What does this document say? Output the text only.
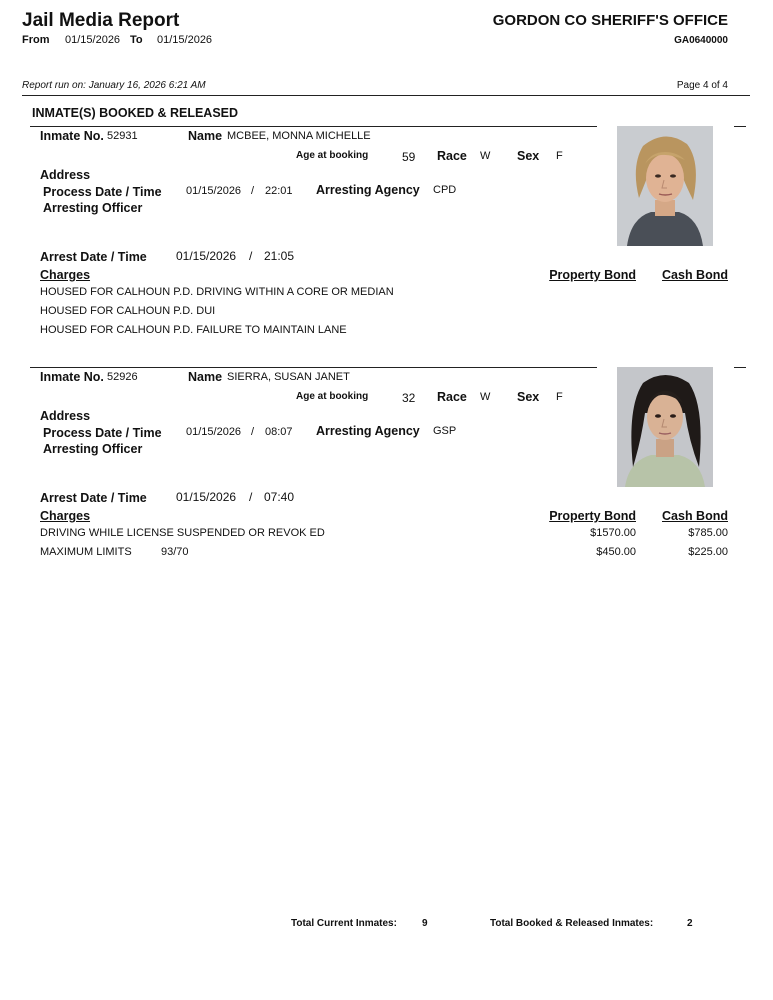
Jail Media Report
From 01/15/2026 To 01/15/2026
GORDON CO SHERIFF'S OFFICE
GA0640000
Report run on: January 16, 2026 6:21 AM	Page 4 of 4
INMATE(S) BOOKED & RELEASED
Inmate No. 52931	Name MCBEE, MONNA MICHELLE
Age at booking	59 Race W Sex F
Address
Process Date / Time 01/15/2026 / 22:01 Arresting Agency CPD
Arresting Officer
Arrest Date / Time 01/15/2026 / 21:05
Charges	Property Bond Cash Bond
HOUSED FOR CALHOUN P.D. DRIVING WITHIN A CORE OR MEDIAN
HOUSED FOR CALHOUN P.D. DUI
HOUSED FOR CALHOUN P.D. FAILURE TO MAINTAIN LANE
Inmate No. 52926	Name SIERRA, SUSAN JANET
Age at booking	32 Race W Sex F
Address
Process Date / Time 01/15/2026 / 08:07 Arresting Agency GSP
Arresting Officer
Arrest Date / Time 01/15/2026 / 07:40
Charges	Property Bond Cash Bond
DRIVING WHILE LICENSE SUSPENDED OR REVOK ED	$1570.00	$785.00
MAXIMUM LIMITS	93/70	$450.00	$225.00
Total Current Inmates:	9	Total Booked & Released Inmates:	2
